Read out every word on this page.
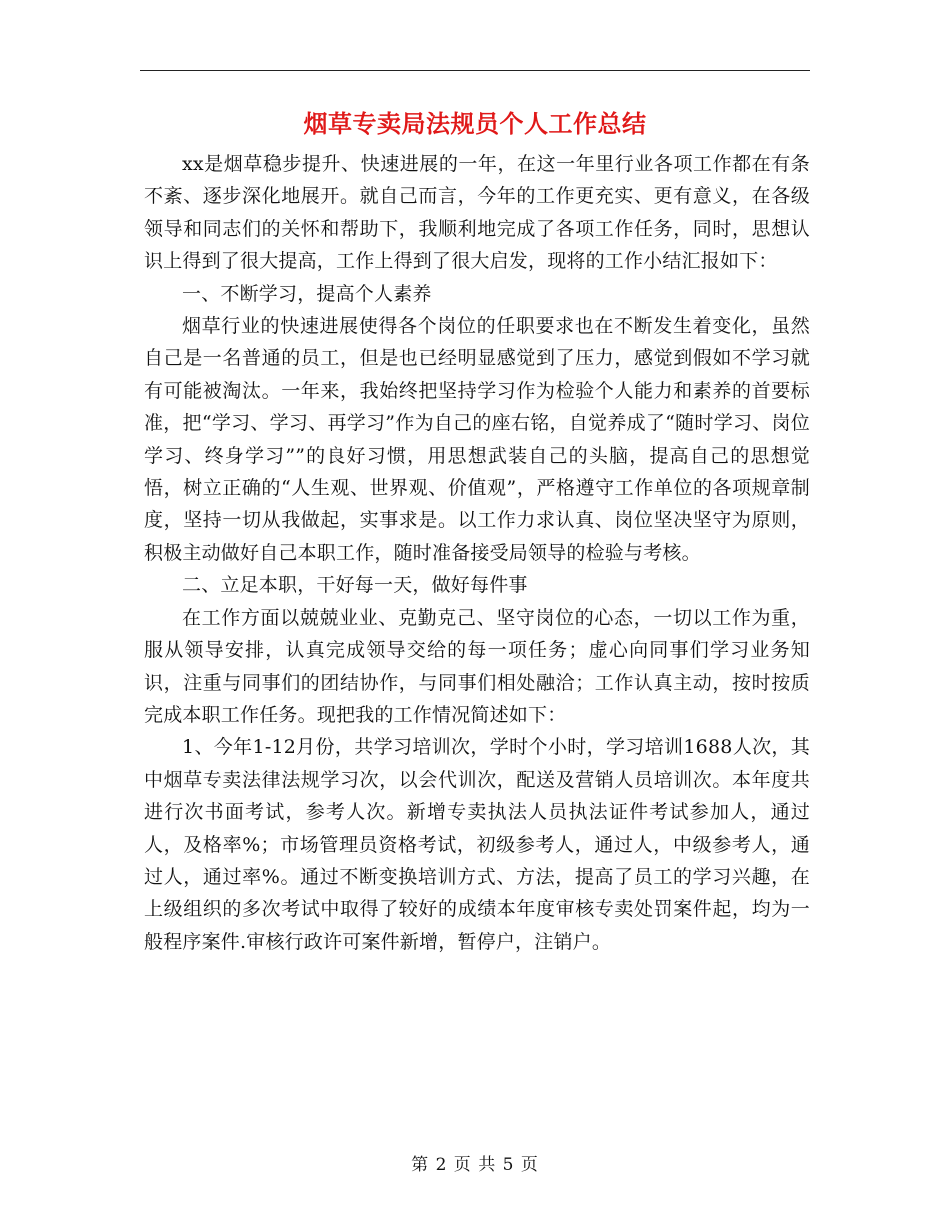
烟草专卖局法规员个人工作总结

xx是烟草稳步提升、快速进展的一年，在这一年里行业各项工作都在有条不紊、逐步深化地展开。就自己而言，今年的工作更充实、更有意义，在各级领导和同志们的关怀和帮助下，我顺利地完成了各项工作任务，同时，思想认识上得到了很大提高，工作上得到了很大启发，现将的工作小结汇报如下：

一、不断学习，提高个人素养

烟草行业的快速进展使得各个岗位的任职要求也在不断发生着变化，虽然自己是一名普通的员工，但是也已经明显感觉到了压力，感觉到假如不学习就有可能被淘汰。一年来，我始终把坚持学习作为检验个人能力和素养的首要标准，把“学习、学习、再学习”作为自己的座右铭，自觉养成了“随时学习、岗位学习、终身学习””的良好习惯，用思想武装自己的头脑，提高自己的思想觉悟，树立正确的“人生观、世界观、价值观”，严格遵守工作单位的各项规章制度，坚持一切从我做起，实事求是。以工作力求认真、岗位坚决坚守为原则，积极主动做好自己本职工作，随时准备接受局领导的检验与考核。

二、立足本职，干好每一天，做好每件事

在工作方面以兢兢业业、克勤克己、坚守岗位的心态，一切以工作为重，服从领导安排，认真完成领导交给的每一项任务；虚心向同事们学习业务知识，注重与同事们的团结协作，与同事们相处融洽；工作认真主动，按时按质完成本职工作任务。现把我的工作情况简述如下：

1、今年1-12月份，共学习培训次，学时个小时，学习培训1688人次，其中烟草专卖法律法规学习次，以会代训次，配送及营销人员培训次。本年度共进行次书面考试，参考人次。新增专卖执法人员执法证件考试参加人，通过人，及格率%；市场管理员资格考试，初级参考人，通过人，中级参考人，通过人，通过率%。通过不断变换培训方式、方法，提高了员工的学习兴趣，在上级组织的多次考试中取得了较好的成绩本年度审核专卖处罚案件起，均为一般程序案件.审核行政许可案件新增，暂停户，注销户。

第 2 页 共 5 页
